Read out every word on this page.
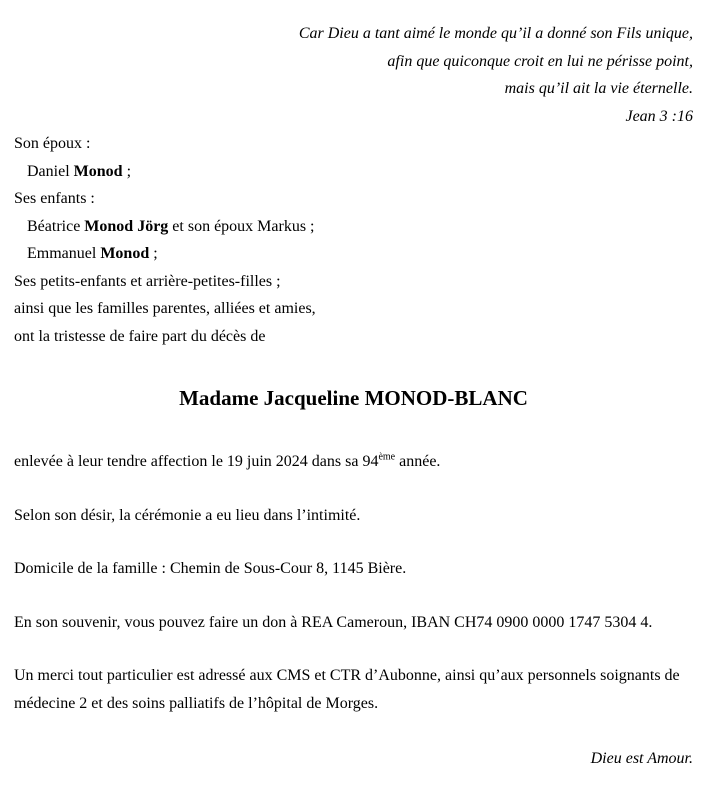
Car Dieu a tant aimé le monde qu’il a donné son Fils unique,
afin que quiconque croit en lui ne périsse point,
mais qu’il ait la vie éternelle.
Jean 3 :16
Son époux :
Daniel Monod ;
Ses enfants :
Béatrice Monod Jörg et son époux Markus ;
Emmanuel Monod ;
Ses petits-enfants et arrière-petites-filles ;
ainsi que les familles parentes, alliées et amies,
ont la tristesse de faire part du décès de
Madame Jacqueline MONOD-BLANC
enlevée à leur tendre affection le 19 juin 2024 dans sa 94ème année.
Selon son désir, la cérémonie a eu lieu dans l’intimité.
Domicile de la famille : Chemin de Sous-Cour 8, 1145 Bière.
En son souvenir, vous pouvez faire un don à REA Cameroun, IBAN CH74 0900 0000 1747 5304 4.
Un merci tout particulier est adressé aux CMS et CTR d’Aubonne, ainsi qu’aux personnels soignants de médecine 2 et des soins palliatifs de l’hôpital de Morges.
Dieu est Amour.
